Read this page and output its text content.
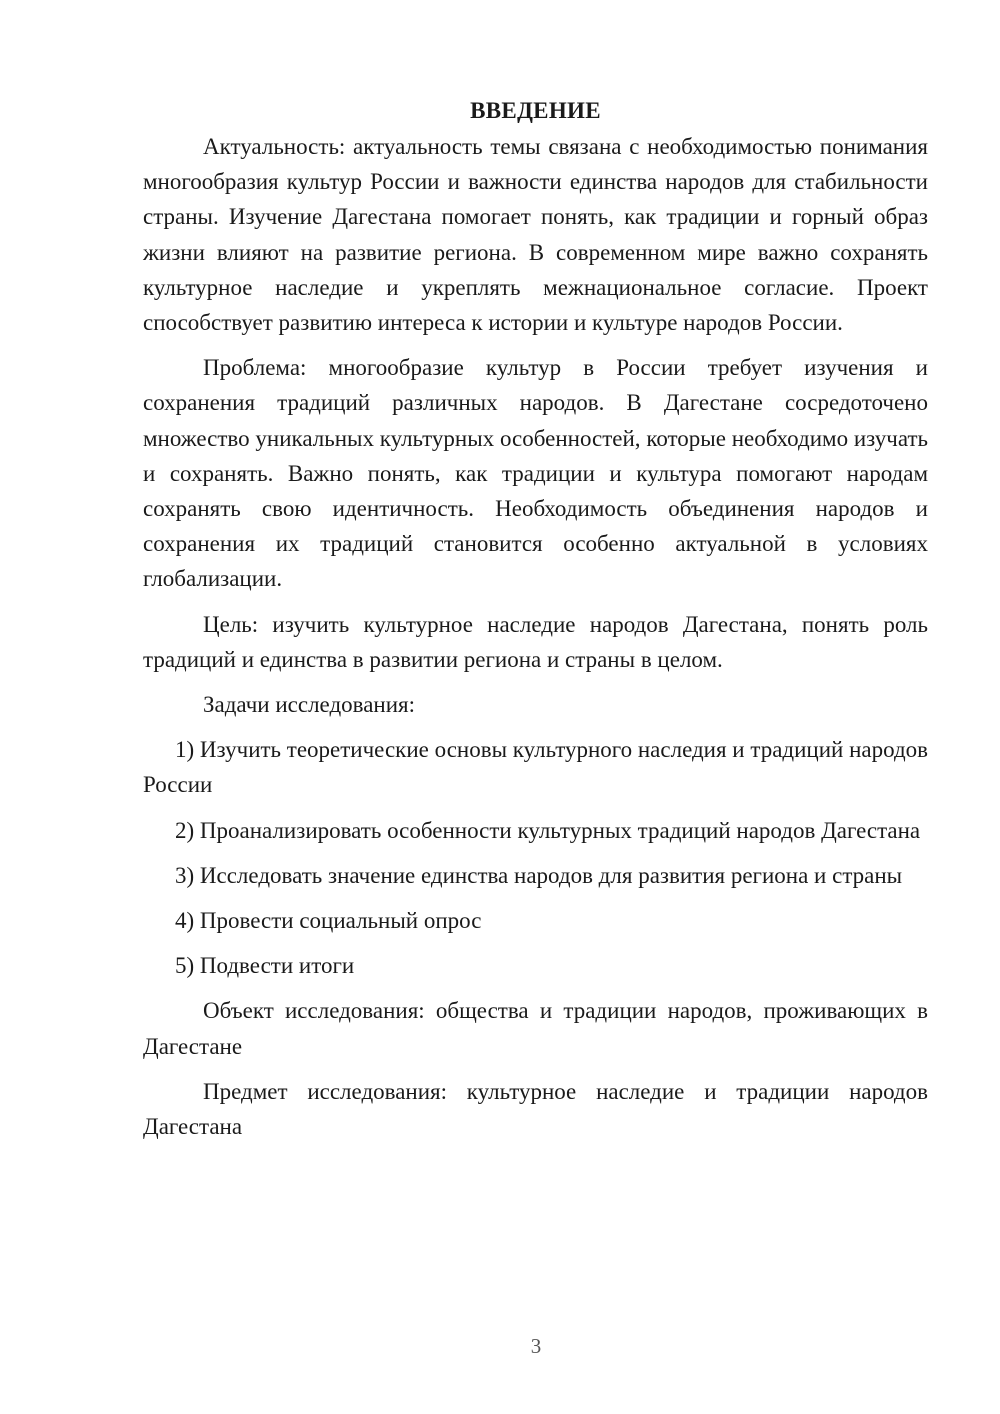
ВВЕДЕНИЕ

Актуальность: актуальность темы связана с необходимостью понимания многообразия культур России и важности единства народов для стабильности страны. Изучение Дагестана помогает понять, как традиции и горный образ жизни влияют на развитие региона. В современном мире важно сохранять культурное наследие и укреплять межнациональное согласие. Проект способствует развитию интереса к истории и культуре народов России.

Проблема: многообразие культур в России требует изучения и сохранения традиций различных народов. В Дагестане сосредоточено множество уникальных культурных особенностей, которые необходимо изучать и сохранять. Важно понять, как традиции и культура помогают народам сохранять свою идентичность. Необходимость объединения народов и сохранения их традиций становится особенно актуальной в условиях глобализации.

Цель: изучить культурное наследие народов Дагестана, понять роль традиций и единства в развитии региона и страны в целом.

Задачи исследования:

1) Изучить теоретические основы культурного наследия и традиций народов России

2) Проанализировать особенности культурных традиций народов Дагестана

3) Исследовать значение единства народов для развития региона и страны

4) Провести социальный опрос

5) Подвести итоги

Объект исследования: общества и традиции народов, проживающих в Дагестане

Предмет исследования: культурное наследие и традиции народов Дагестана

3
